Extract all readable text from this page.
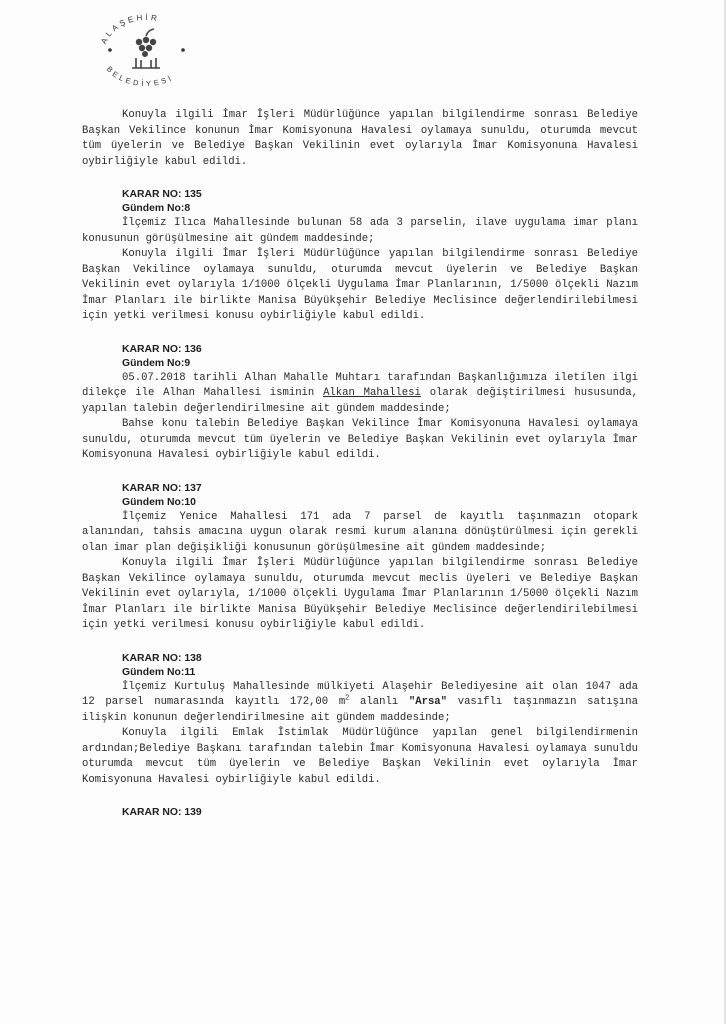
ALAŞEHİR
BELEDİYESİ

Konuyla ilgili İmar İşleri Müdürlüğünce yapılan bilgilendirme sonrası Belediye Başkan Vekilince konunun İmar Komisyonuna Havalesi oylamaya sunuldu, oturumda mevcut tüm üyelerin ve Belediye Başkan Vekilinin evet oylarıyla İmar Komisyonuna Havalesi oybirliğiyle kabul edildi.

KARAR NO: 135

Gündem No:8

İlçemiz Ilıca Mahallesinde bulunan 58 ada 3 parselin, ilave uygulama imar planı konusunun görüşülmesine ait gündem maddesinde;

Konuyla ilgili İmar İşleri Müdürlüğünce yapılan bilgilendirme sonrası Belediye Başkan Vekilince oylamaya sunuldu, oturumda mevcut üyelerin ve Belediye Başkan Vekilinin evet oylarıyla 1/1000 ölçekli Uygulama İmar Planlarının, 1/5000 ölçekli Nazım İmar Planları ile birlikte Manisa Büyükşehir Belediye Meclisince değerlendirilebilmesi için yetki verilmesi konusu oybirliğiyle kabul edildi.

KARAR NO: 136

Gündem No:9

05.07.2018 tarihli Alhan Mahalle Muhtarı tarafından Başkanlığımıza iletilen ilgi dilekçe ile Alhan Mahallesi isminin Alkan Mahallesi olarak değiştirilmesi hususunda, yapılan talebin değerlendirilmesine ait gündem maddesinde;

Bahse konu talebin Belediye Başkan Vekilince İmar Komisyonuna Havalesi oylamaya sunuldu, oturumda mevcut tüm üyelerin ve Belediye Başkan Vekilinin evet oylarıyla İmar Komisyonuna Havalesi oybirliğiyle kabul edildi.

KARAR NO: 137

Gündem No:10

İlçemiz Yenice Mahallesi 171 ada 7 parsel de kayıtlı taşınmazın otopark alanından, tahsis amacına uygun olarak resmi kurum alanına dönüştürülmesi için gerekli olan imar plan değişikliği konusunun görüşülmesine ait gündem maddesinde;

Konuyla ilgili İmar İşleri Müdürlüğünce yapılan bilgilendirme sonrası Belediye Başkan Vekilince oylamaya sunuldu, oturumda mevcut meclis üyeleri ve Belediye Başkan Vekilinin evet oylarıyla, 1/1000 ölçekli Uygulama İmar Planlarının 1/5000 ölçekli Nazım İmar Planları ile birlikte Manisa Büyükşehir Belediye Meclisince değerlendirilebilmesi için yetki verilmesi konusu oybirliğiyle kabul edildi.

KARAR NO: 138

Gündem No:11

İlçemiz Kurtuluş Mahallesinde mülkiyeti Alaşehir Belediyesine ait olan 1047 ada 12 parsel numarasında kayıtlı 172,00 $m^2$ alanlı "Arsa" vasıflı taşınmazın satışına ilişkin konunun değerlendirilmesine ait gündem maddesinde;

Konuyla ilgili Emlak İstimlak Müdürlüğünce yapılan genel bilgilendirmenin ardından;Belediye Başkanı tarafından talebin İmar Komisyonuna Havalesi oylamaya sunuldu oturumda mevcut tüm üyelerin ve Belediye Başkan Vekilinin evet oylarıyla İmar Komisyonuna Havalesi oybirliğiyle kabul edildi.

KARAR NO: 139
